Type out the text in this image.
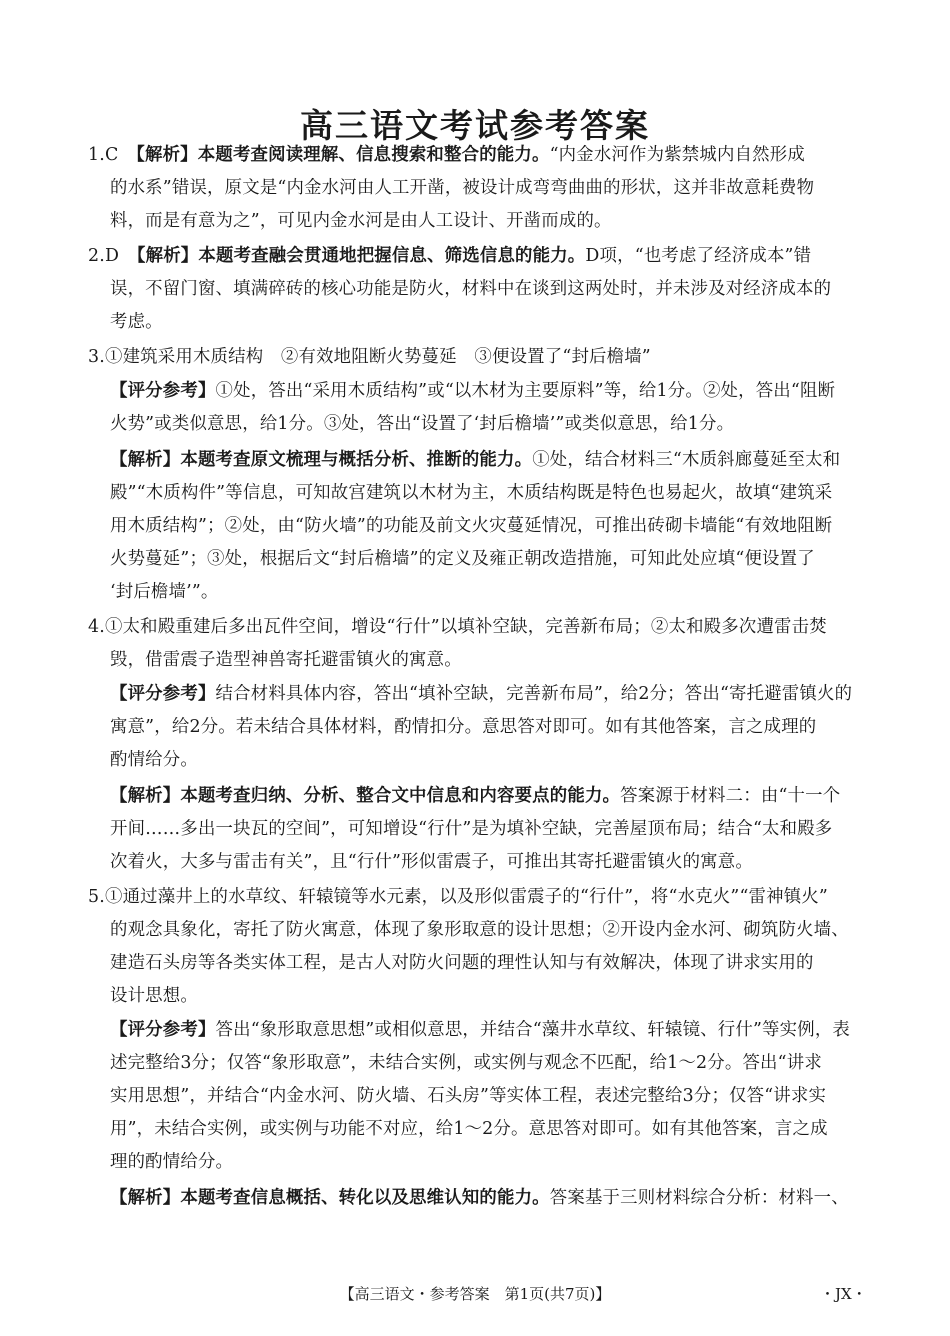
高三语文考试参考答案
1.C　【解析】本题考查阅读理解、信息搜索和整合的能力。“内金水河作为紫禁城内自然形成
的水系”错误，原文是“内金水河由人工开凿，被设计成弯弯曲曲的形状，这并非故意耗费物
料，而是有意为之”，可见内金水河是由人工设计、开凿而成的。
2.D　【解析】本题考查融会贯通地把握信息、筛选信息的能力。D项，“也考虑了经济成本”错
误，不留门窗、填满碎砖的核心功能是防火，材料中在谈到这两处时，并未涉及对经济成本的
考虑。
3.①建筑采用木质结构　②有效地阻断火势蔓延　③便设置了“封后檐墙”
【评分参考】①处，答出“采用木质结构”或“以木材为主要原料”等，给1分。②处，答出“阻断
火势”或类似意思，给1分。③处，答出“设置了‘封后檐墙’”或类似意思，给1分。
【解析】本题考查原文梳理与概括分析、推断的能力。①处，结合材料三“木质斜廊蔓延至太和
殿”“木质构件”等信息，可知故宫建筑以木材为主，木质结构既是特色也易起火，故填“建筑采
用木质结构”；②处，由“防火墙”的功能及前文火灾蔓延情况，可推出砖砌卡墙能“有效地阻断
火势蔓延”；③处，根据后文“封后檐墙”的定义及雍正朝改造措施，可知此处应填“便设置了
‘封后檐墙’”。
4.①太和殿重建后多出瓦件空间，增设“行什”以填补空缺，完善新布局；②太和殿多次遭雷击焚
毁，借雷震子造型神兽寄托避雷镇火的寓意。
【评分参考】结合材料具体内容，答出“填补空缺，完善新布局”，给2分；答出“寄托避雷镇火的
寓意”，给2分。若未结合具体材料，酌情扣分。意思答对即可。如有其他答案，言之成理的
酌情给分。
【解析】本题考查归纳、分析、整合文中信息和内容要点的能力。答案源于材料二：由“十一个
开间……多出一块瓦的空间”，可知增设“行什”是为填补空缺，完善屋顶布局；结合“太和殿多
次着火，大多与雷击有关”，且“行什”形似雷震子，可推出其寄托避雷镇火的寓意。
5.①通过藻井上的水草纹、轩辕镜等水元素，以及形似雷震子的“行什”，将“水克火”“雷神镇火”
的观念具象化，寄托了防火寓意，体现了象形取意的设计思想；②开设内金水河、砌筑防火墙、
建造石头房等各类实体工程，是古人对防火问题的理性认知与有效解决，体现了讲求实用的
设计思想。
【评分参考】答出“象形取意思想”或相似意思，并结合“藻井水草纹、轩辕镜、行什”等实例，表
述完整给3分；仅答“象形取意”，未结合实例，或实例与观念不匹配，给1～2分。答出“讲求
实用思想”，并结合“内金水河、防火墙、石头房”等实体工程，表述完整给3分；仅答“讲求实
用”，未结合实例，或实例与功能不对应，给1～2分。意思答对即可。如有其他答案，言之成
理的酌情给分。
【解析】本题考查信息概括、转化以及思维认知的能力。答案基于三则材料综合分析：材料一、
【高三语文・参考答案　第1页(共7页)】	・JX・
